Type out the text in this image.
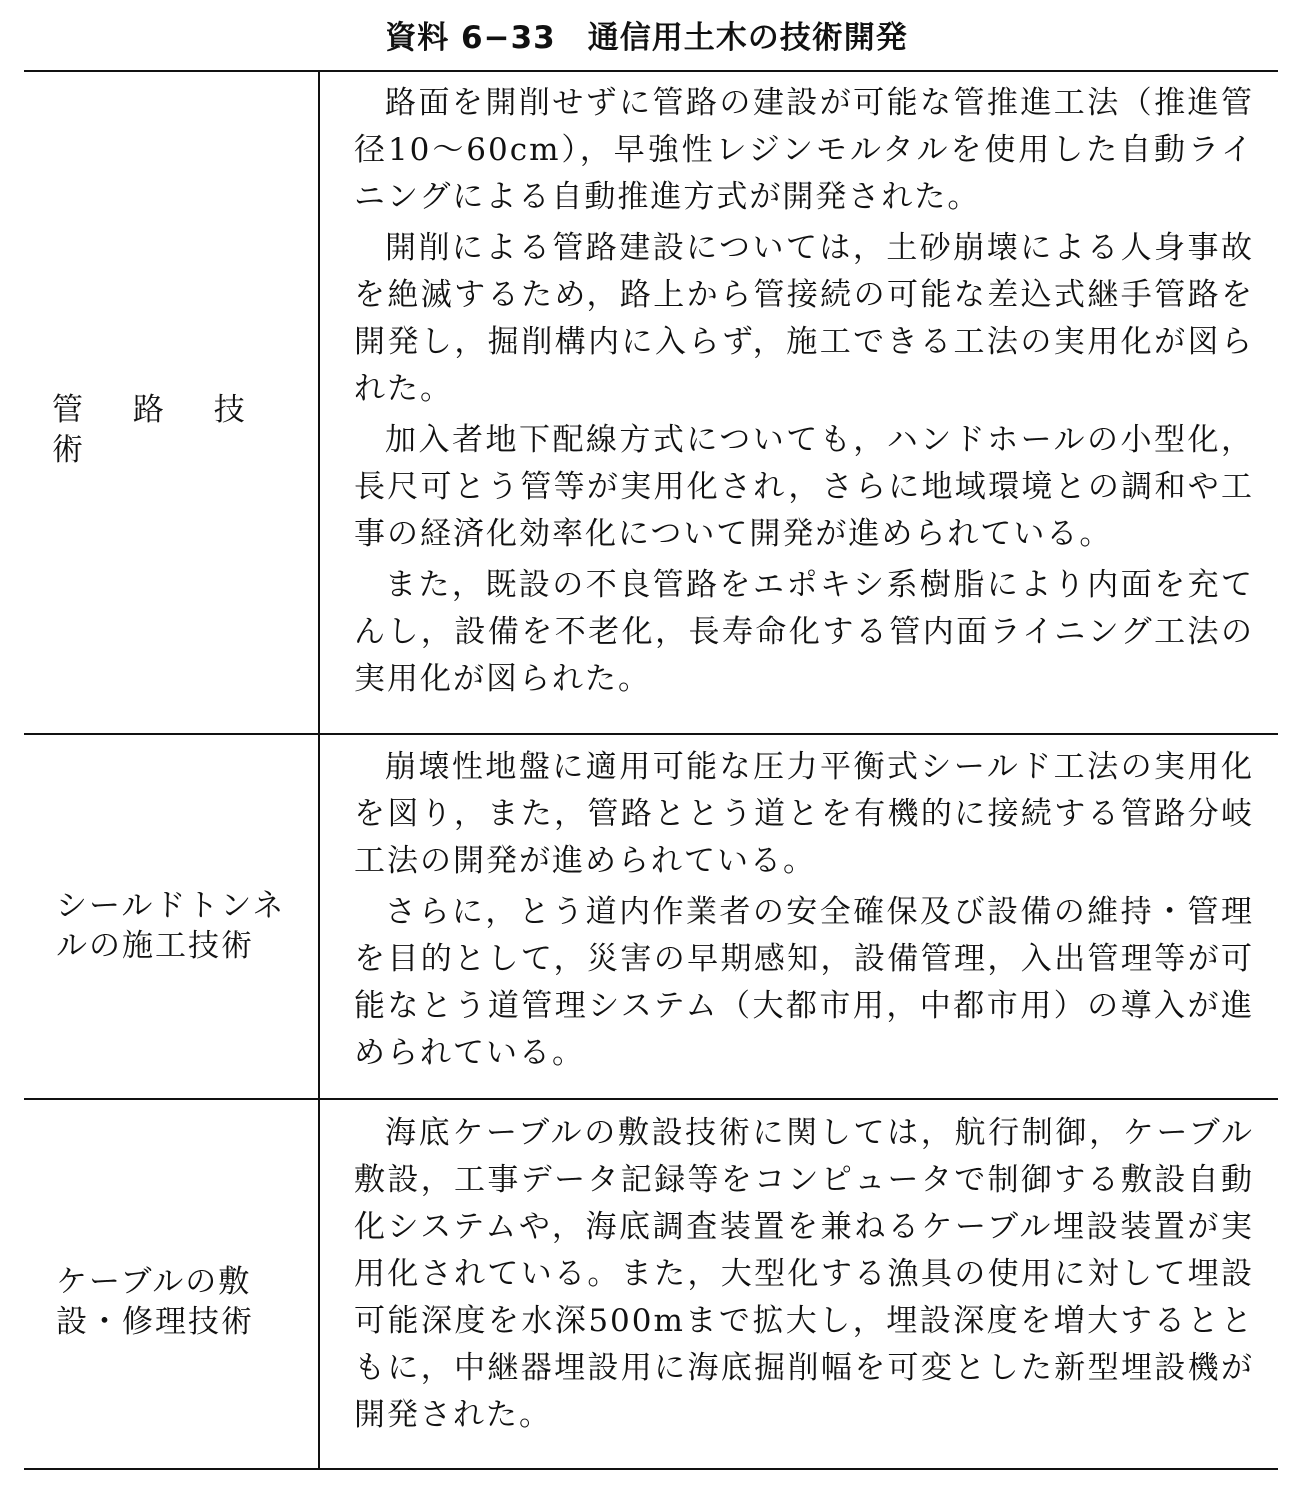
資料 6−33　通信用土木の技術開発
管 路 技 術

路面を開削せずに管路の建設が可能な管推進工法（推進管径10〜60cm），早強性レジンモルタルを使用した自動ライニングによる自動推進方式が開発された。

開削による管路建設については，土砂崩壊による人身事故を絶滅するため，路上から管接続の可能な差込式継手管路を開発し，掘削構内に入らず，施工できる工法の実用化が図られた。

加入者地下配線方式についても，ハンドホールの小型化，長尺可とう管等が実用化され，さらに地域環境との調和や工事の経済化効率化について開発が進められている。

また，既設の不良管路をエポキシ系樹脂により内面を充てんし，設備を不老化，長寿命化する管内面ライニング工法の実用化が図られた。

シールドトンネルの施工技術

崩壊性地盤に適用可能な圧力平衡式シールド工法の実用化を図り，また，管路ととう道とを有機的に接続する管路分岐工法の開発が進められている。

さらに，とう道内作業者の安全確保及び設備の維持・管理を目的として，災害の早期感知，設備管理，入出管理等が可能なとう道管理システム（大都市用，中都市用）の導入が進められている。

ケーブルの敷設・修理技術

海底ケーブルの敷設技術に関しては，航行制御，ケーブル敷設，工事データ記録等をコンピュータで制御する敷設自動化システムや，海底調査装置を兼ねるケーブル埋設装置が実用化されている。また，大型化する漁具の使用に対して埋設可能深度を水深500mまで拡大し，埋設深度を増大するとともに，中継器埋設用に海底掘削幅を可変とした新型埋設機が開発された。
